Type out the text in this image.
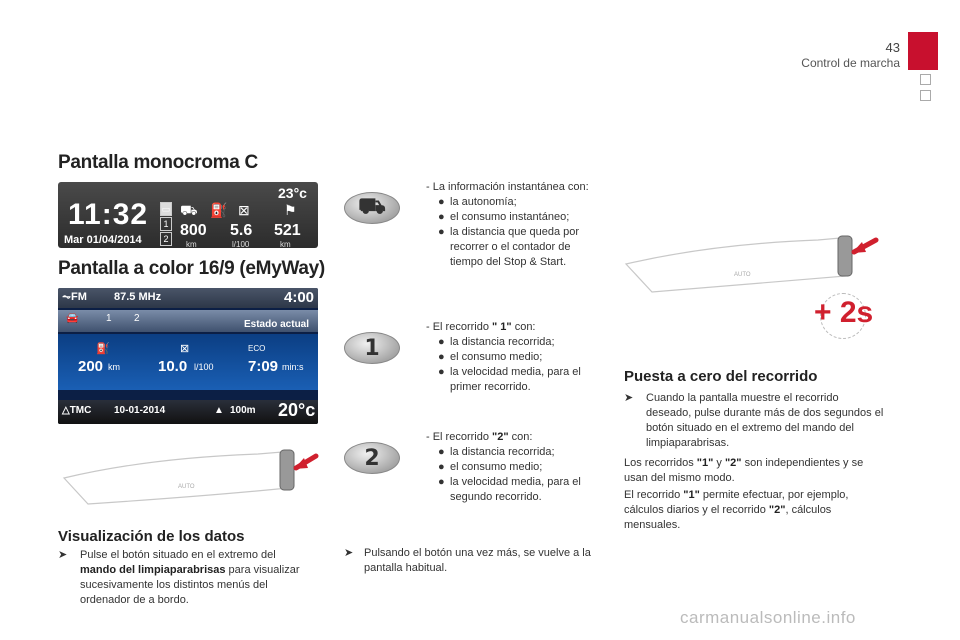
43
Control de marcha
Pantalla monocroma C
Pantalla a color 16/9 (eMyWay)
23°c
11:32
Mar 01/04/2014
▭
1
2
⛟ ⛽ ⊠ ⚑
800 5.6 521
km	l/100	km
⏦FM 87.5 MHz	4:00
🚘	1 2
Estado actual
⛽	⊠	ECO
200 km	10.0 l/100 7:09 min:s
△TMC 10-01-2014	▲ 100m 20°c
AUTO
⛟
1
2
- La información instantánea con:
● la autonomía;
● el consumo instantáneo;
● la distancia que queda por recorrer o el contador de tiempo del Stop & Start.
- El recorrido " 1" con:
● la distancia recorrida;
● el consumo medio;
● la velocidad media, para el primer recorrido.
- El recorrido "2" con:
● la distancia recorrida;
● el consumo medio;
● la velocidad media, para el segundo recorrido.
➤ Pulsando el botón una vez más, se vuelve a la pantalla habitual.
Visualización de los datos
➤	Pulse el botón situado en el extremo del mando del limpiaparabrisas para visualizar sucesivamente los distintos menús del ordenador de a bordo.
AUTO
+ 2s
Puesta a cero del recorrido
➤	Cuando la pantalla muestre el recorrido deseado, pulse durante más de dos segundos el botón situado en el extremo del mando del limpiaparabrisas.
Los recorridos "1" y "2" son independientes y se usan del mismo modo.
El recorrido "1" permite efectuar, por ejemplo, cálculos diarios y el recorrido "2", cálculos mensuales.
carmanualsonline.info
